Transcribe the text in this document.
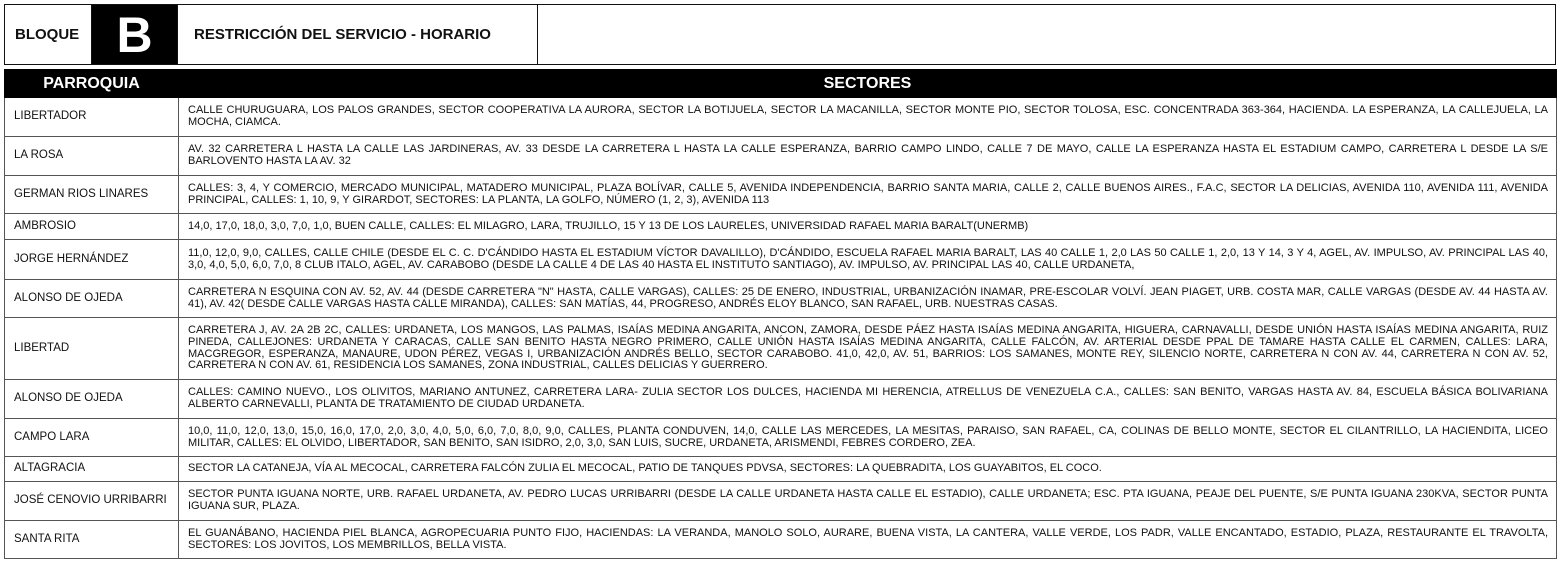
BLOQUE B	RESTRICCIÓN DEL SERVICIO - HORARIO
PARROQUIA	SECTORES
LIBERTADOR	CALLE CHURUGUARA, LOS PALOS GRANDES, SECTOR COOPERATIVA LA AURORA, SECTOR LA BOTIJUELA, SECTOR LA MACANILLA, SECTOR MONTE PIO, SECTOR TOLOSA, ESC. CONCENTRADA 363-364, HACIENDA. LA ESPERANZA, LA CALLEJUELA, LA MOCHA, CIAMCA.
LA ROSA	AV. 32 CARRETERA L HASTA LA CALLE LAS JARDINERAS, AV. 33 DESDE LA CARRETERA L HASTA LA CALLE ESPERANZA, BARRIO CAMPO LINDO, CALLE 7 DE MAYO, CALLE LA ESPERANZA HASTA EL ESTADIUM CAMPO, CARRETERA L DESDE LA S/E BARLOVENTO HASTA LA AV. 32
GERMAN RIOS LINARES	CALLES: 3, 4, Y COMERCIO, MERCADO MUNICIPAL, MATADERO MUNICIPAL, PLAZA BOLÍVAR, CALLE 5, AVENIDA INDEPENDENCIA, BARRIO SANTA MARIA, CALLE 2, CALLE BUENOS AIRES., F.A.C, SECTOR LA DELICIAS, AVENIDA 110, AVENIDA 111, AVENIDA PRINCIPAL, CALLES: 1, 10, 9, Y GIRARDOT, SECTORES: LA PLANTA, LA GOLFO, NÚMERO (1, 2, 3), AVENIDA 113
AMBROSIO	14,0, 17,0, 18,0, 3,0, 7,0, 1,0, BUEN CALLE, CALLES: EL MILAGRO, LARA, TRUJILLO, 15 Y 13 DE LOS LAURELES, UNIVERSIDAD RAFAEL MARIA BARALT(UNERMB)
JORGE HERNÁNDEZ	11,0, 12,0, 9,0, CALLES, CALLE CHILE (DESDE EL C. C. D'CÁNDIDO HASTA EL ESTADIUM VÍCTOR DAVALILLO), D'CÁNDIDO, ESCUELA RAFAEL MARIA BARALT, LAS 40 CALLE 1, 2,0 LAS 50 CALLE 1, 2,0, 13 Y 14, 3 Y 4, AGEL, AV. IMPULSO, AV. PRINCIPAL LAS 40, 3,0, 4,0, 5,0, 6,0, 7,0, 8 CLUB ITALO, AGEL, AV. CARABOBO (DESDE LA CALLE 4 DE LAS 40 HASTA EL INSTITUTO SANTIAGO), AV. IMPULSO, AV. PRINCIPAL LAS 40, CALLE URDANETA,
ALONSO DE OJEDA	CARRETERA N ESQUINA CON AV. 52, AV. 44 (DESDE CARRETERA "N" HASTA, CALLE VARGAS), CALLES: 25 DE ENERO, INDUSTRIAL, URBANIZACIÓN INAMAR, PRE-ESCOLAR VOLVÍ. JEAN PIAGET, URB. COSTA MAR, CALLE VARGAS (DESDE AV. 44 HASTA AV. 41), AV. 42( DESDE CALLE VARGAS HASTA CALLE MIRANDA), CALLES: SAN MATÍAS, 44, PROGRESO, ANDRÉS ELOY BLANCO, SAN RAFAEL, URB. NUESTRAS CASAS.
LIBERTAD	CARRETERA J, AV. 2A 2B 2C, CALLES: URDANETA, LOS MANGOS, LAS PALMAS, ISAÍAS MEDINA ANGARITA, ANCON, ZAMORA, DESDE PÁEZ HASTA ISAÍAS MEDINA ANGARITA, HIGUERA, CARNAVALLI, DESDE UNIÓN HASTA ISAÍAS MEDINA ANGARITA, RUIZ PINEDA, CALLEJONES: URDANETA Y CARACAS, CALLE SAN BENITO HASTA NEGRO PRIMERO, CALLE UNIÓN HASTA ISAÍAS MEDINA ANGARITA, CALLE FALCÓN, AV. ARTERIAL DESDE PPAL DE TAMARE HASTA CALLE EL CARMEN, CALLES: LARA, MACGREGOR, ESPERANZA, MANAURE, UDON PÉREZ, VEGAS I, URBANIZACIÓN ANDRÉS BELLO, SECTOR CARABOBO. 41,0, 42,0, AV. 51, BARRIOS: LOS SAMANES, MONTE REY, SILENCIO NORTE, CARRETERA N CON AV. 44, CARRETERA N CON AV. 52, CARRETERA N CON AV. 61, RESIDENCIA LOS SAMANES, ZONA INDUSTRIAL, CALLES DELICIAS Y GUERRERO.
ALONSO DE OJEDA	CALLES: CAMINO NUEVO., LOS OLIVITOS, MARIANO ANTUNEZ, CARRETERA LARA- ZULIA SECTOR LOS DULCES, HACIENDA MI HERENCIA, ATRELLUS DE VENEZUELA C.A., CALLES: SAN BENITO, VARGAS HASTA AV. 84, ESCUELA BÁSICA BOLIVARIANA ALBERTO CARNEVALLI, PLANTA DE TRATAMIENTO DE CIUDAD URDANETA.
CAMPO LARA	10,0, 11,0, 12,0, 13,0, 15,0, 16,0, 17,0, 2,0, 3,0, 4,0, 5,0, 6,0, 7,0, 8,0, 9,0, CALLES, PLANTA CONDUVEN, 14,0, CALLE LAS MERCEDES, LA MESITAS, PARAISO, SAN RAFAEL, CA, COLINAS DE BELLO MONTE, SECTOR EL CILANTRILLO, LA HACIENDITA, LICEO MILITAR, CALLES: EL OLVIDO, LIBERTADOR, SAN BENITO, SAN ISIDRO, 2,0, 3,0, SAN LUIS, SUCRE, URDANETA, ARISMENDI, FEBRES CORDERO, ZEA.
ALTAGRACIA	SECTOR LA CATANEJA, VÍA AL MECOCAL, CARRETERA FALCÓN ZULIA EL MECOCAL, PATIO DE TANQUES PDVSA, SECTORES: LA QUEBRADITA, LOS GUAYABITOS, EL COCO.
JOSÉ CENOVIO URRIBARRI	SECTOR PUNTA IGUANA NORTE, URB. RAFAEL URDANETA, AV. PEDRO LUCAS URRIBARRI (DESDE LA CALLE URDANETA HASTA CALLE EL ESTADIO), CALLE URDANETA; ESC. PTA IGUANA, PEAJE DEL PUENTE, S/E PUNTA IGUANA 230KVA, SECTOR PUNTA IGUANA SUR, PLAZA.
SANTA RITA	EL GUANÁBANO, HACIENDA PIEL BLANCA, AGROPECUARIA PUNTO FIJO, HACIENDAS: LA VERANDA, MANOLO SOLO, AURARE, BUENA VISTA, LA CANTERA, VALLE VERDE, LOS PADR, VALLE ENCANTADO, ESTADIO, PLAZA, RESTAURANTE EL TRAVOLTA, SECTORES: LOS JOVITOS, LOS MEMBRILLOS, BELLA VISTA.
